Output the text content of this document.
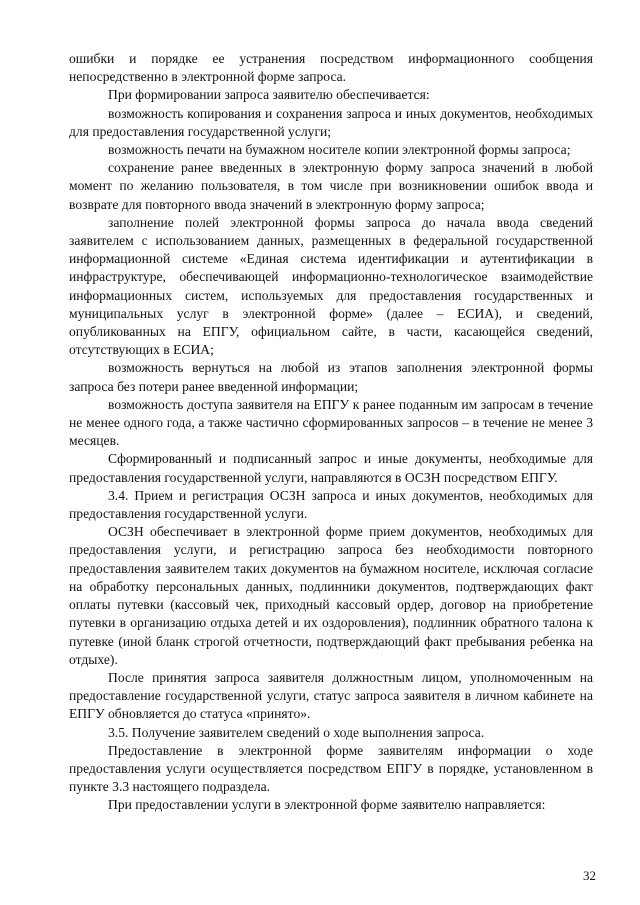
ошибки и порядке ее устранения посредством информационного сообщения непосредственно в электронной форме запроса.

При формировании запроса заявителю обеспечивается:

возможность копирования и сохранения запроса и иных документов, необходимых для предоставления государственной услуги;

возможность печати на бумажном носителе копии электронной формы запроса;

сохранение ранее введенных в электронную форму запроса значений в любой момент по желанию пользователя, в том числе при возникновении ошибок ввода и возврате для повторного ввода значений в электронную форму запроса;

заполнение полей электронной формы запроса до начала ввода сведений заявителем с использованием данных, размещенных в федеральной государственной информационной системе «Единая система идентификации и аутентификации в инфраструктуре, обеспечивающей информационно-технологическое взаимодействие информационных систем, используемых для предоставления государственных и муниципальных услуг в электронной форме» (далее – ЕСИА), и сведений, опубликованных на ЕПГУ, официальном сайте, в части, касающейся сведений, отсутствующих в ЕСИА;

возможность вернуться на любой из этапов заполнения электронной формы запроса без потери ранее введенной информации;

возможность доступа заявителя на ЕПГУ к ранее поданным им запросам в течение не менее одного года, а также частично сформированных запросов – в течение не менее 3 месяцев.

Сформированный и подписанный запрос и иные документы, необходимые для предоставления государственной услуги, направляются в ОСЗН посредством ЕПГУ.

3.4. Прием и регистрация ОСЗН запроса и иных документов, необходимых для предоставления государственной услуги.

ОСЗН обеспечивает в электронной форме прием документов, необходимых для предоставления услуги, и регистрацию запроса без необходимости повторного предоставления заявителем таких документов на бумажном носителе, исключая согласие на обработку персональных данных, подлинники документов, подтверждающих факт оплаты путевки (кассовый чек, приходный кассовый ордер, договор на приобретение путевки в организацию отдыха детей и их оздоровления), подлинник обратного талона к путевке (иной бланк строгой отчетности, подтверждающий факт пребывания ребенка на отдыхе).

После принятия запроса заявителя должностным лицом, уполномоченным на предоставление государственной услуги, статус запроса заявителя в личном кабинете на ЕПГУ обновляется до статуса «принято».

3.5. Получение заявителем сведений о ходе выполнения запроса.

Предоставление в электронной форме заявителям информации о ходе предоставления услуги осуществляется посредством ЕПГУ в порядке, установленном в пункте 3.3 настоящего подраздела.

При предоставлении услуги в электронной форме заявителю направляется:

32
